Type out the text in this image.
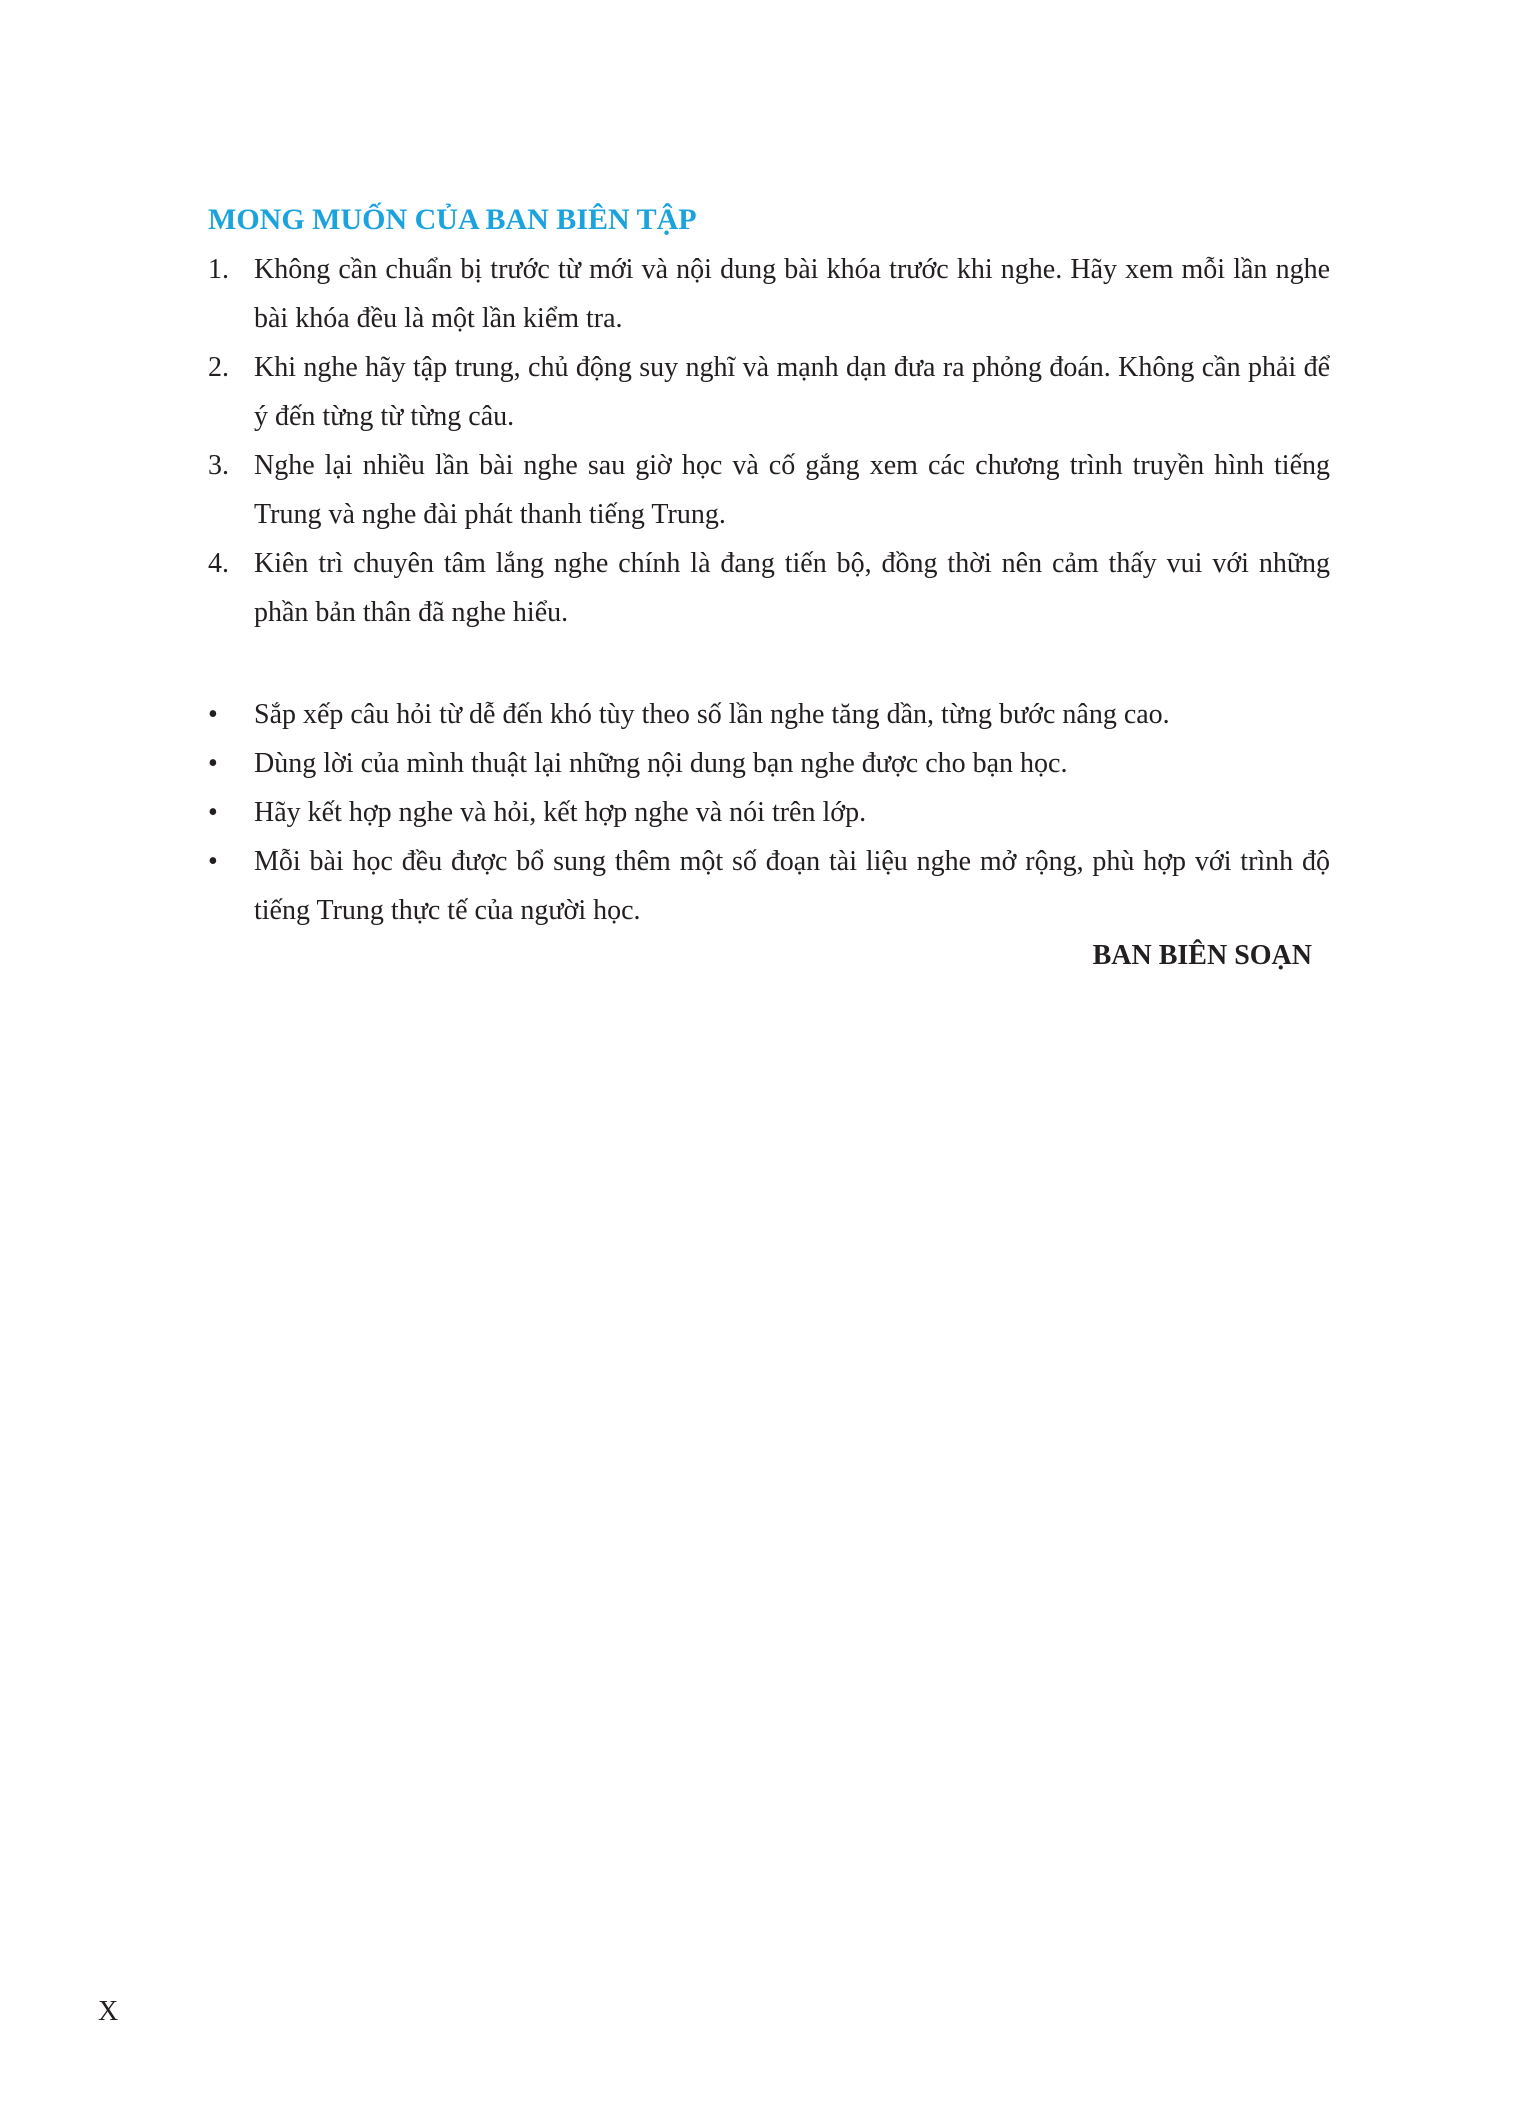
MONG MUỐN CỦA BAN BIÊN TẬP
1. Không cần chuẩn bị trước từ mới và nội dung bài khóa trước khi nghe. Hãy xem mỗi lần nghe bài khóa đều là một lần kiểm tra.
2. Khi nghe hãy tập trung, chủ động suy nghĩ và mạnh dạn đưa ra phỏng đoán. Không cần phải để ý đến từng từ từng câu.
3. Nghe lại nhiều lần bài nghe sau giờ học và cố gắng xem các chương trình truyền hình tiếng Trung và nghe đài phát thanh tiếng Trung.
4. Kiên trì chuyên tâm lắng nghe chính là đang tiến bộ, đồng thời nên cảm thấy vui với những phần bản thân đã nghe hiểu.
• Sắp xếp câu hỏi từ dễ đến khó tùy theo số lần nghe tăng dần, từng bước nâng cao.
• Dùng lời của mình thuật lại những nội dung bạn nghe được cho bạn học.
• Hãy kết hợp nghe và hỏi, kết hợp nghe và nói trên lớp.
• Mỗi bài học đều được bổ sung thêm một số đoạn tài liệu nghe mở rộng, phù hợp với trình độ tiếng Trung thực tế của người học.

BAN BIÊN SOẠN

X
